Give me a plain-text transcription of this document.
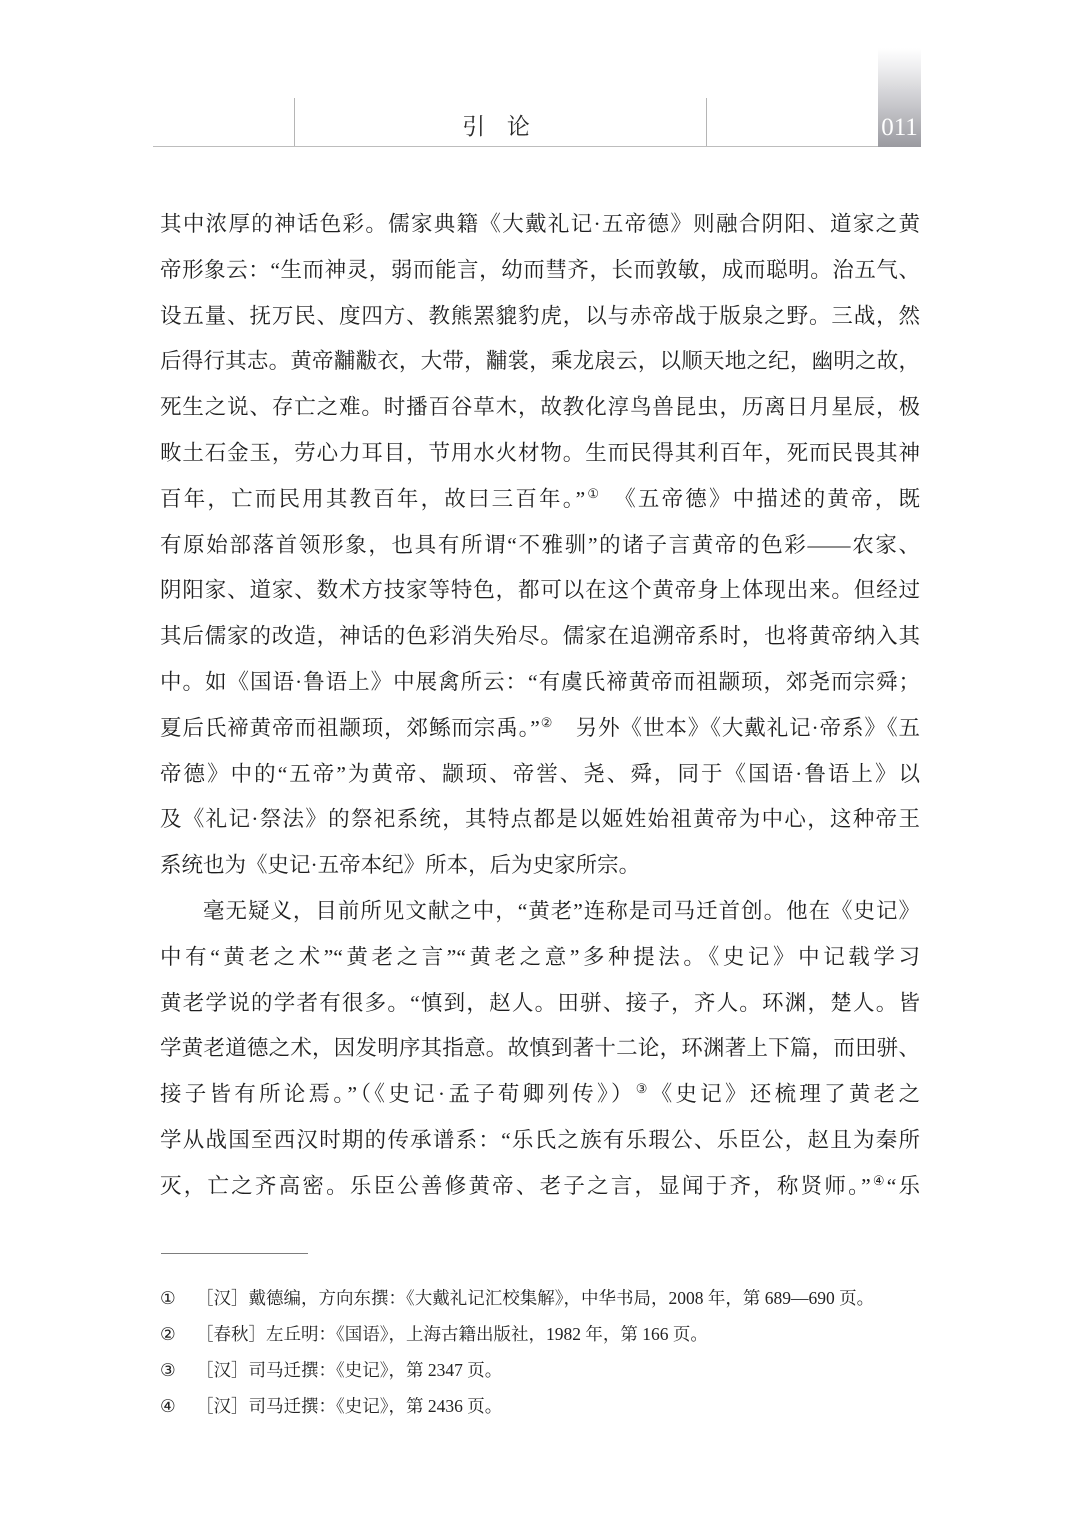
引 论	011
其中浓厚的神话色彩。儒家典籍《大戴礼记·五帝德》则融合阴阳、道家之黄
帝形象云：“生而神灵，弱而能言，幼而彗齐，长而敦敏，成而聪明。治五气、
设五量、抚万民、度四方、教熊罴貔豹虎，以与赤帝战于版泉之野。三战，然
后得行其志。黄帝黼黻衣，大带，黼裳，乘龙扆云，以顺天地之纪，幽明之故，
死生之说、存亡之难。时播百谷草木，故教化淳鸟兽昆虫，历离日月星辰，极
畋土石金玉，劳心力耳目，节用水火材物。生而民得其利百年，死而民畏其神
百年，亡而民用其教百年，故曰三百年。”①　《五帝德》中描述的黄帝，既
有原始部落首领形象，也具有所谓“不雅驯”的诸子言黄帝的色彩——农家、
阴阳家、道家、数术方技家等特色，都可以在这个黄帝身上体现出来。但经过
其后儒家的改造，神话的色彩消失殆尽。儒家在追溯帝系时，也将黄帝纳入其
中。如《国语·鲁语上》中展禽所云：“有虞氏禘黄帝而祖颛顼，郊尧而宗舜；
夏后氏禘黄帝而祖颛顼，郊鲧而宗禹。”②　另外《世本》《大戴礼记·帝系》《五
帝德》中的“五帝”为黄帝、颛顼、帝喾、尧、舜，同于《国语·鲁语上》以
及《礼记·祭法》的祭祀系统，其特点都是以姬姓始祖黄帝为中心，这种帝王
系统也为《史记·五帝本纪》所本，后为史家所宗。
毫无疑义，目前所见文献之中，“黄老”连称是司马迁首创。他在《史记》
中有“黄老之术”“黄老之言”“黄老之意”多种提法。《史记》中记载学习
黄老学说的学者有很多。“慎到，赵人。田骈、接子，齐人。环渊，楚人。皆
学黄老道德之术，因发明序其指意。故慎到著十二论，环渊著上下篇，而田骈、
接子皆有所论焉。”（《史记·孟子荀卿列传》）③《史记》还梳理了黄老之
学从战国至西汉时期的传承谱系：“乐氏之族有乐瑕公、乐臣公，赵且为秦所
灭，亡之齐高密。乐臣公善修黄帝、老子之言，显闻于齐，称贤师。”④“乐
①	［汉］戴德编，方向东撰：《大戴礼记汇校集解》，中华书局，2008 年，第 689—690 页。
②	［春秋］左丘明：《国语》，上海古籍出版社，1982 年，第 166 页。
③	［汉］司马迁撰：《史记》，第 2347 页。
④	［汉］司马迁撰：《史记》，第 2436 页。
